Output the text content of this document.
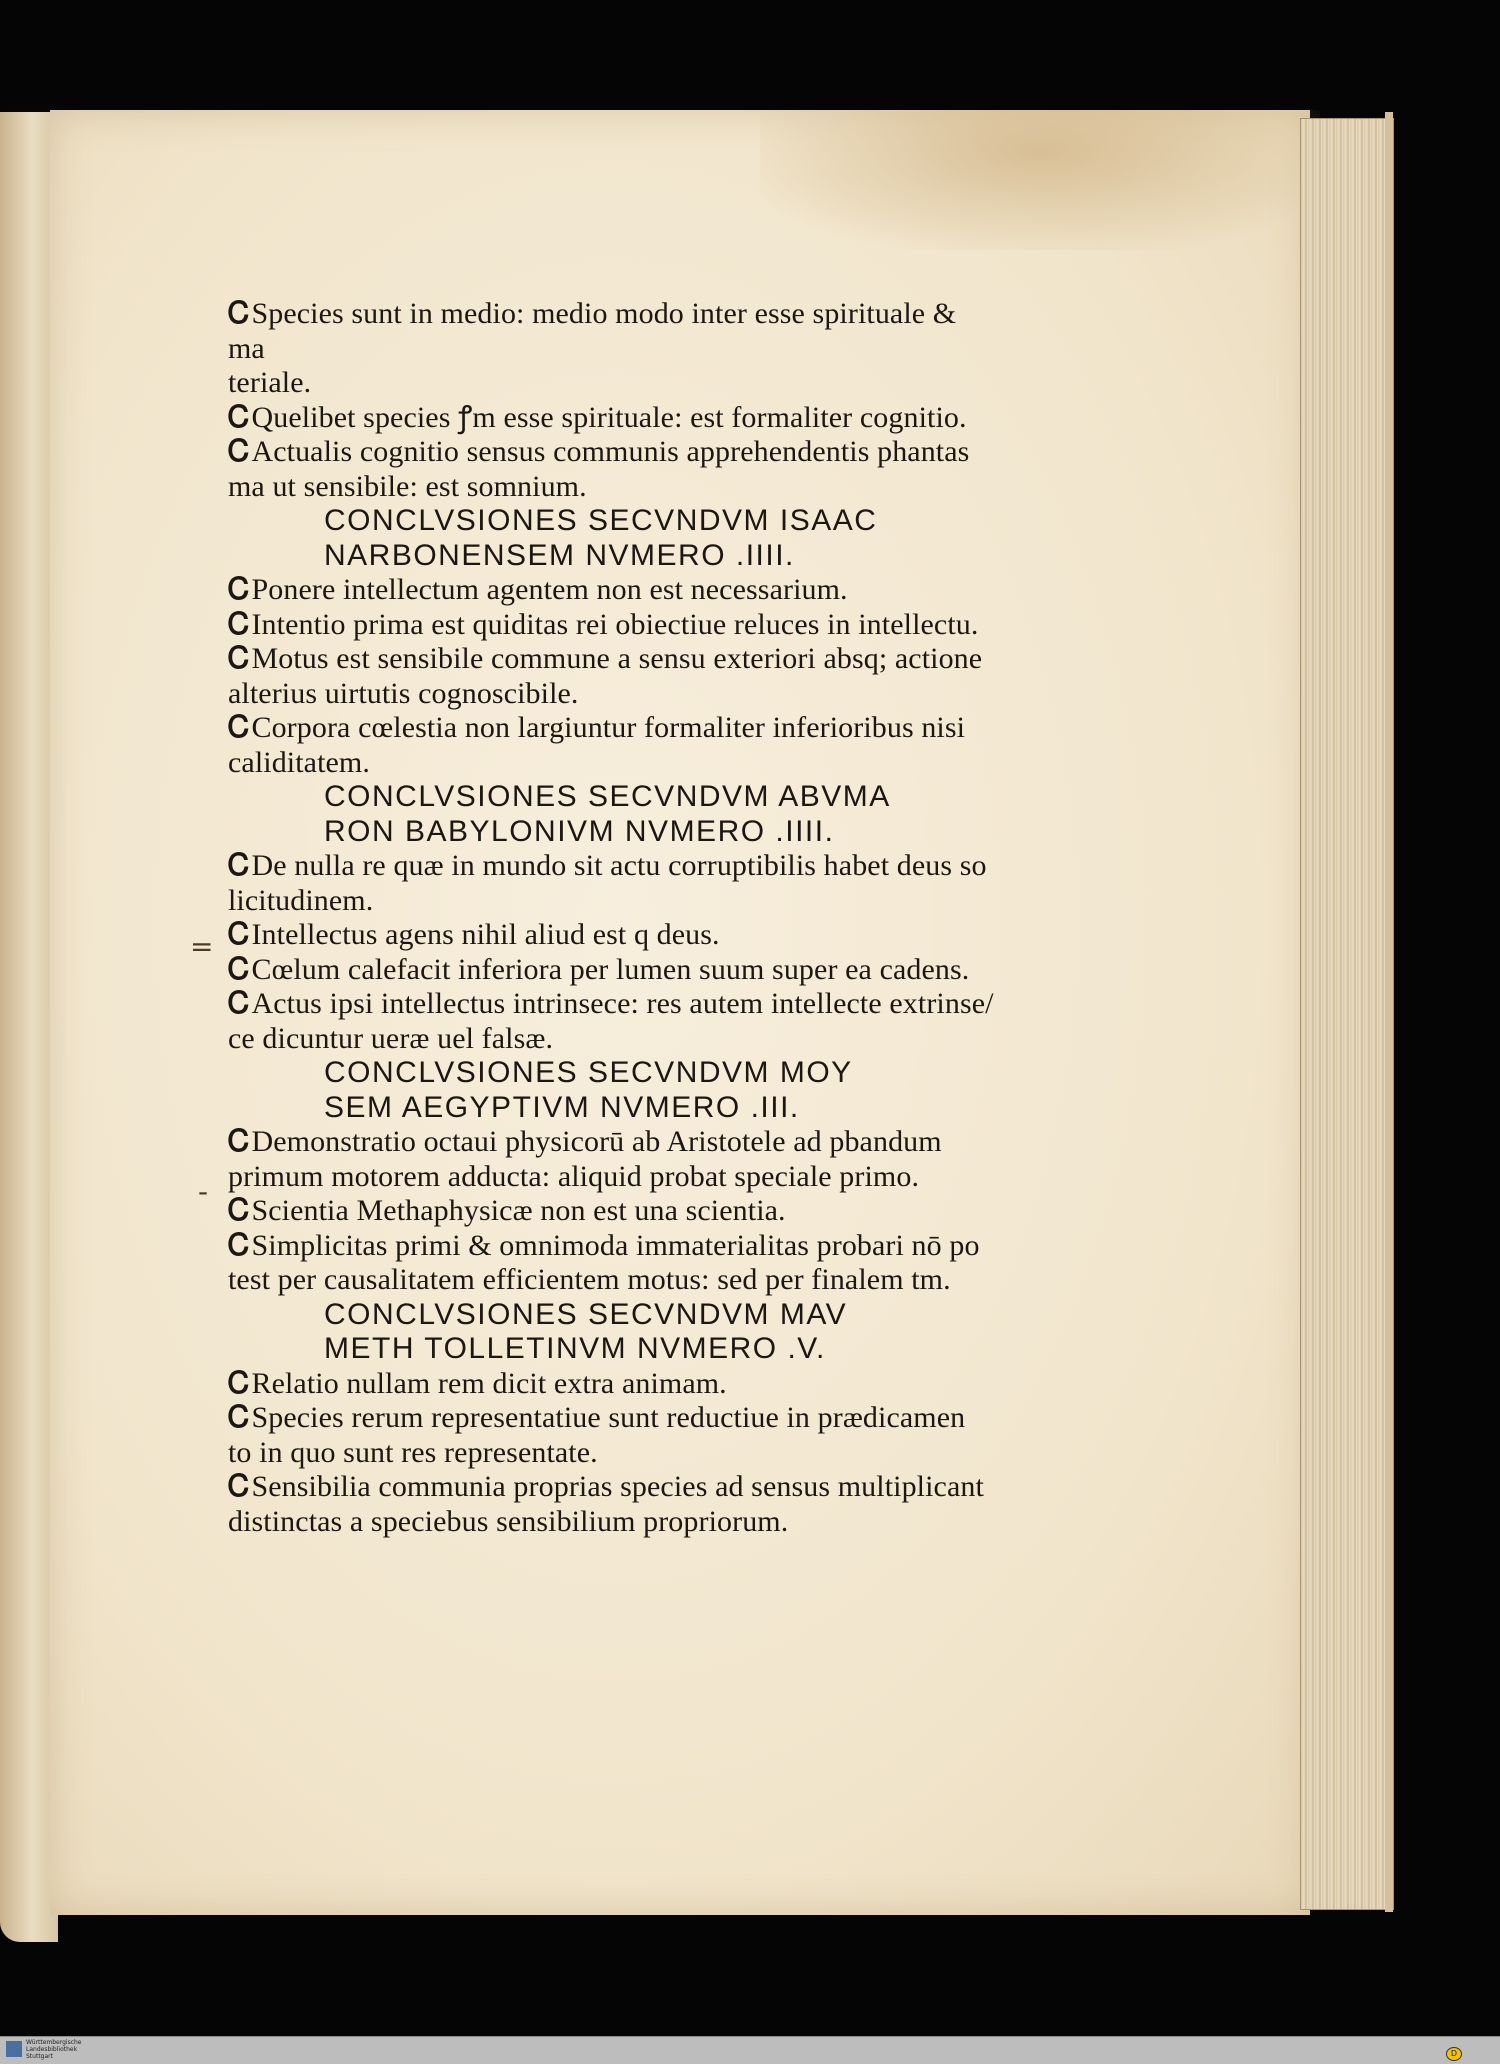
ᏟSpecies sunt in medio: medio modo inter esse spirituale & ma
teriale.

ᏟQuelibet species ꝭm esse spirituale: est formaliter cognitio.

ᏟActualis cognitio sensus communis apprehendentis phantas
ma ut sensibile: est somnium.

CONCLVSIONES SECVNDVM ISAAC
NARBONENSEM NVMERO .IIII.

ᏟPonere intellectum agentem non est necessarium.

ᏟIntentio prima est quiditas rei obiectiue reluces in intellectu.

ᏟMotus est sensibile commune a sensu exteriori absq; actione
alterius uirtutis cognoscibile.

ᏟCorpora cœlestia non largiuntur formaliter inferioribus nisi
caliditatem.

CONCLVSIONES SECVNDVM ABVMA
RON BABYLONIVM NVMERO .IIII.

ᏟDe nulla re quæ in mundo sit actu corruptibilis habet deus so
licitudinem.

ᏟIntellectus agens nihil aliud est q deus.

ᏟCœlum calefacit inferiora per lumen suum super ea cadens.

ᏟActus ipsi intellectus intrinsece: res autem intellecte extrinse/
ce dicuntur ueræ uel falsæ.

CONCLVSIONES SECVNDVM MOY
SEM AEGYPTIVM NVMERO .III.

ᏟDemonstratio octaui physicorū ab Aristotele ad pbandum
primum motorem adducta: aliquid probat speciale primo.

ᏟScientia Methaphysicæ non est una scientia.

ᏟSimplicitas primi & omnimoda immaterialitas probari nō po
test per causalitatem efficientem motus: sed per finalem tm.

CONCLVSIONES SECVNDVM MAV
METH TOLLETINVM NVMERO .V.

ᏟRelatio nullam rem dicit extra animam.

ᏟSpecies rerum representatiue sunt reductiue in prædicamen
to in quo sunt res representate.

ᏟSensibilia communia proprias species ad sensus multiplicant
distinctas a speciebus sensibilium propriorum.

=
-
Württembergische
Landesbibliothek
Stuttgart	D
